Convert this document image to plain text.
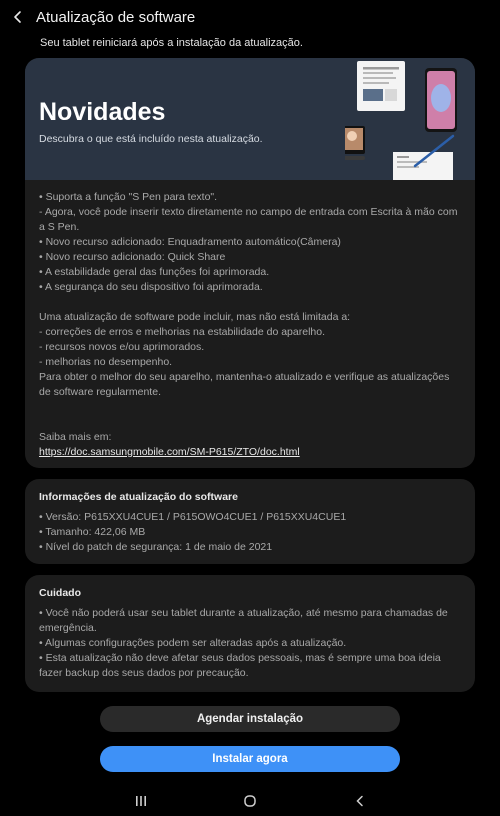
Atualização de software
Seu tablet reiniciará após a instalação da atualização.
Novidades
Descubra o que está incluído nesta atualização.

• Suporta a função "S Pen para texto".

- Agora, você pode inserir texto diretamente no campo de entrada com Escrita à mão com a S Pen.

• Novo recurso adicionado: Enquadramento automático(Câmera)

• Novo recurso adicionado: Quick Share

• A estabilidade geral das funções foi aprimorada.

• A segurança do seu dispositivo foi aprimorada.

Uma atualização de software pode incluir, mas não está limitada a:

- correções de erros e melhorias na estabilidade do aparelho.

- recursos novos e/ou aprimorados.

- melhorias no desempenho.

Para obter o melhor do seu aparelho, mantenha-o atualizado e verifique as atualizações de software regularmente.

Saiba mais em:

https://doc.samsungmobile.com/SM-P615/ZTO/doc.html

Informações de atualização do software

• Versão: P615XXU4CUE1 / P615OWO4CUE1 / P615XXU4CUE1

• Tamanho: 422,06 MB

• Nível do patch de segurança: 1 de maio de 2021

Cuidado

• Você não poderá usar seu tablet durante a atualização, até mesmo para chamadas de emergência.

• Algumas configurações podem ser alteradas após a atualização.

• Esta atualização não deve afetar seus dados pessoais, mas é sempre uma boa ideia fazer backup dos seus dados por precaução.

Agendar instalação
Instalar agora
